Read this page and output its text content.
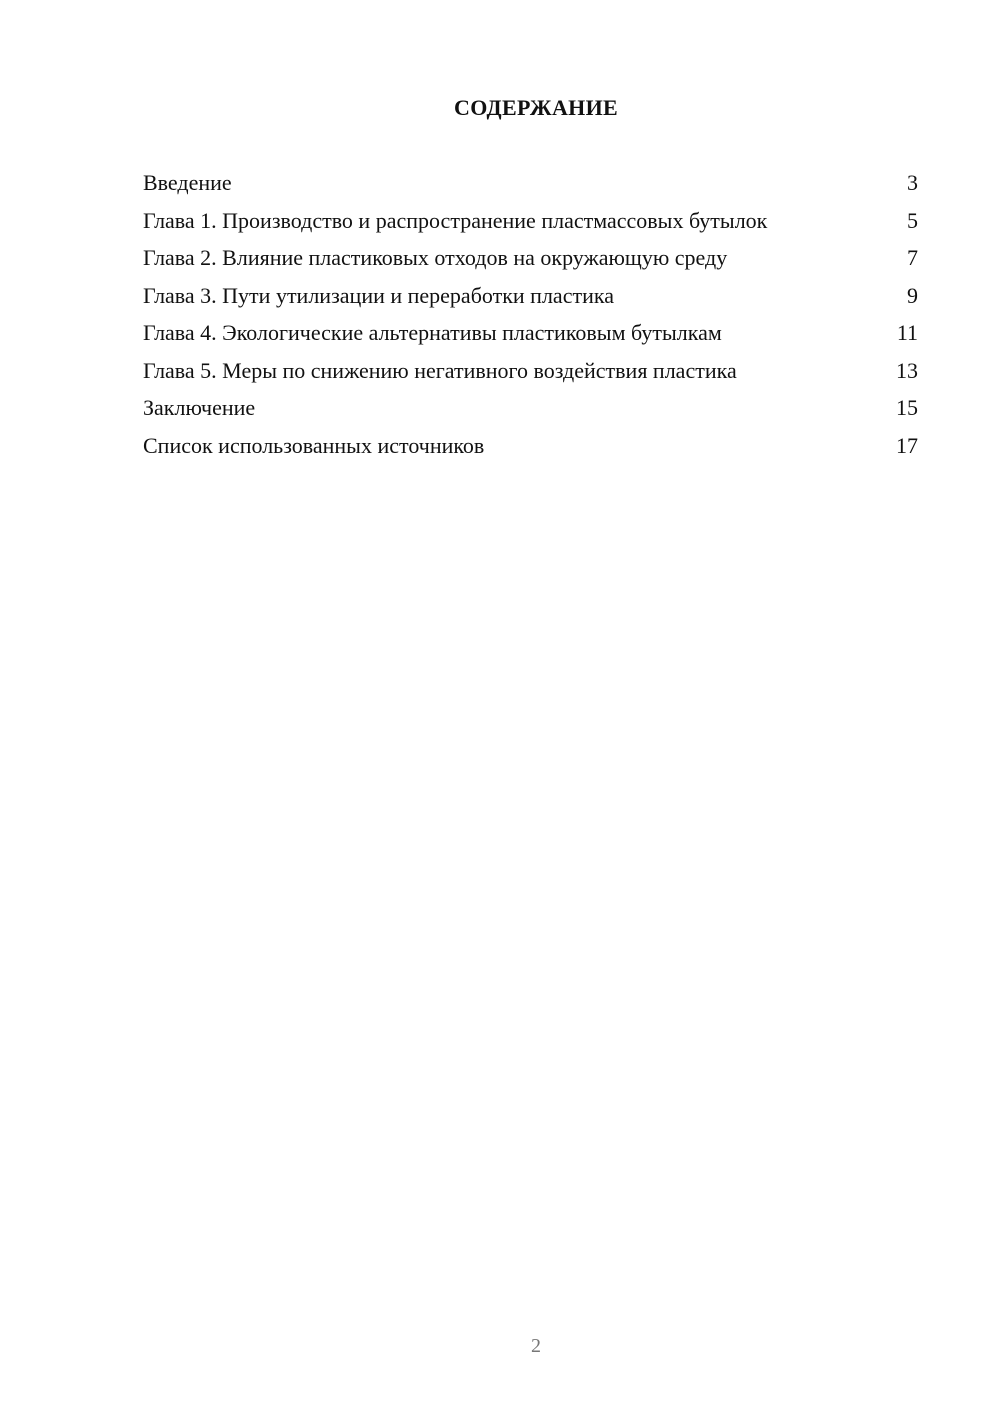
СОДЕРЖАНИЕ
Введение	3
Глава 1. Производство и распространение пластмассовых бутылок	5
Глава 2. Влияние пластиковых отходов на окружающую среду	7
Глава 3. Пути утилизации и переработки пластика	9
Глава 4. Экологические альтернативы пластиковым бутылкам	11
Глава 5. Меры по снижению негативного воздействия пластика	13
Заключение	15
Список использованных источников	17
2
